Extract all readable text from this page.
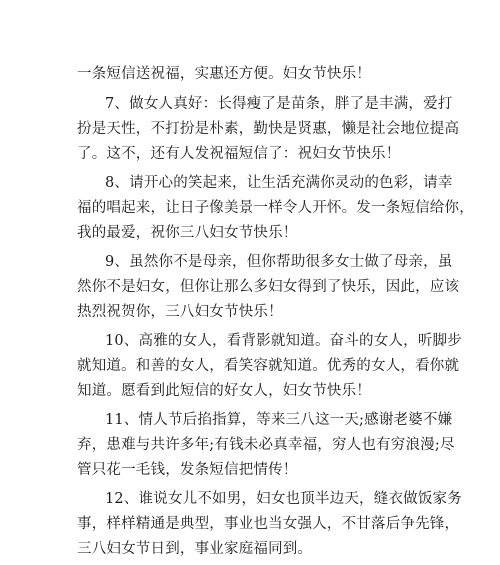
一条短信送祝福，实惠还方便。妇女节快乐！
7、做女人真好：长得瘦了是苗条，胖了是丰满，爱打
扮是天性，不打扮是朴素，勤快是贤惠，懒是社会地位提高
了。这不，还有人发祝福短信了：祝妇女节快乐！
8、请开心的笑起来，让生活充满你灵动的色彩，请幸
福的唱起来，让日子像美景一样令人开怀。发一条短信给你，
我的最爱，祝你三八妇女节快乐！
9、虽然你不是母亲，但你帮助很多女士做了母亲，虽
然你不是妇女，但你让那么多妇女得到了快乐，因此，应该
热烈祝贺你，三八妇女节快乐！
10、高雅的女人，看背影就知道。奋斗的女人，听脚步
就知道。和善的女人，看笑容就知道。优秀的女人，看你就
知道。愿看到此短信的好女人，妇女节快乐！
11、情人节后掐指算，等来三八这一天;感谢老婆不嫌
弃，患难与共许多年;有钱未必真幸福，穷人也有穷浪漫;尽
管只花一毛钱，发条短信把情传！
12、谁说女儿不如男，妇女也顶半边天，缝衣做饭家务
事，样样精通是典型，事业也当女强人，不甘落后争先锋，
三八妇女节日到，事业家庭福同到。
